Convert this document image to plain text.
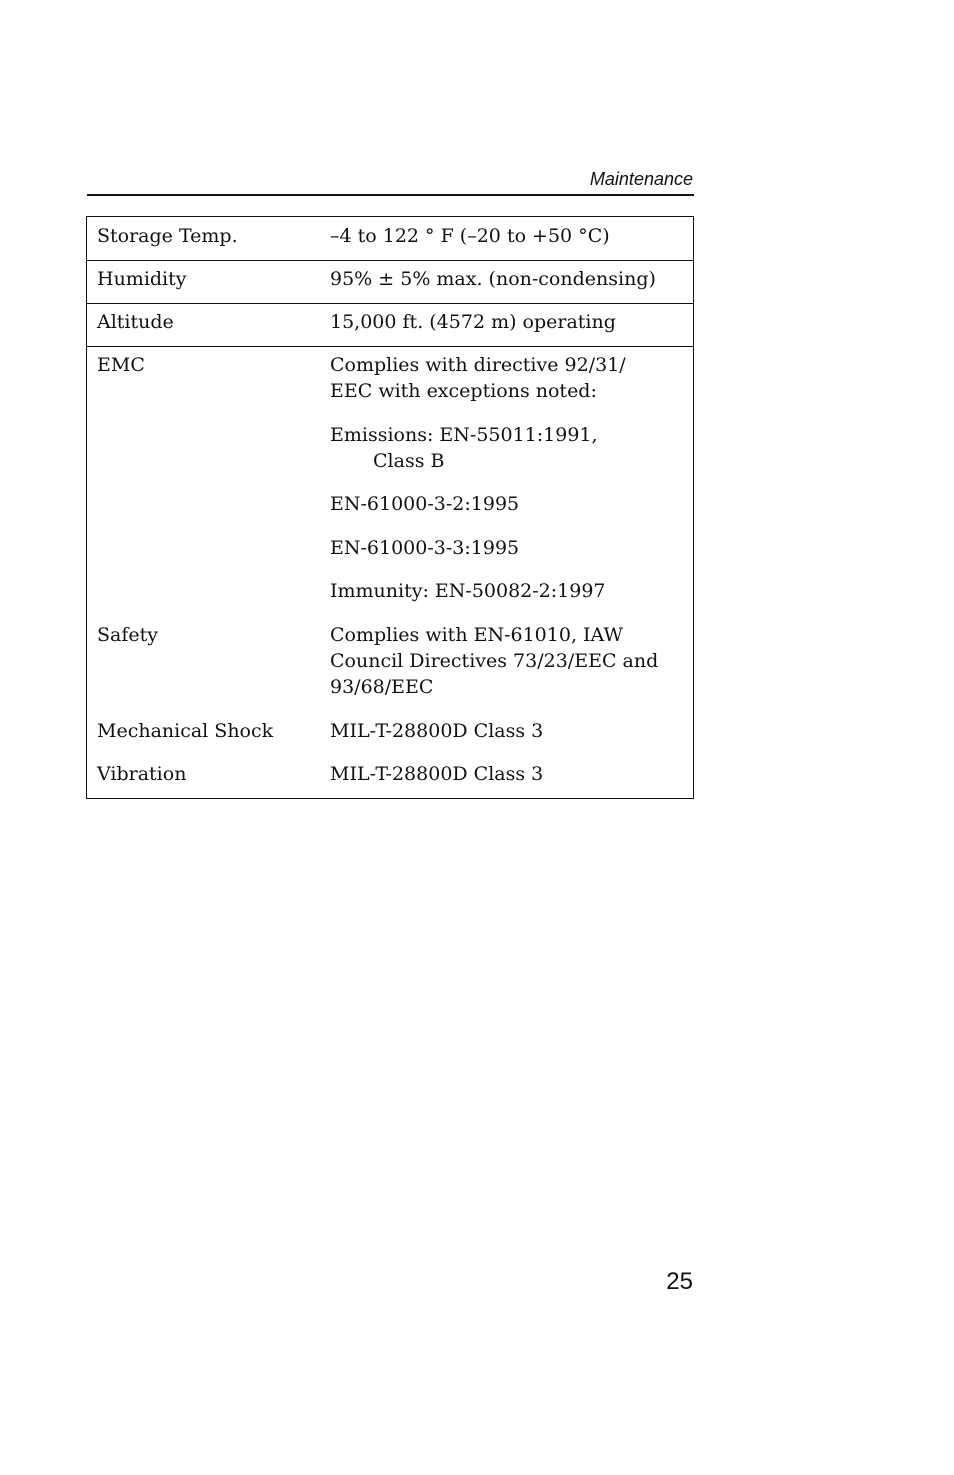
Maintenance
Storage Temp.	–4 to 122 ° F (–20 to +50 °C)
Humidity	95% ± 5% max. (non-condensing)
Altitude	15,000 ft. (4572 m) operating
EMC	Complies with directive 92/31/

EEC with exceptions noted:

Emissions: EN-55011:1991,

Class B

EN-61000-3-2:1995

EN-61000-3-3:1995

Immunity: EN-50082-2:1997

Safety	Complies with EN-61010, IAW

Council Directives 73/23/EEC and

93/68/EEC

Mechanical Shock	MIL-T-28800D Class 3
Vibration	MIL-T-28800D Class 3
25
